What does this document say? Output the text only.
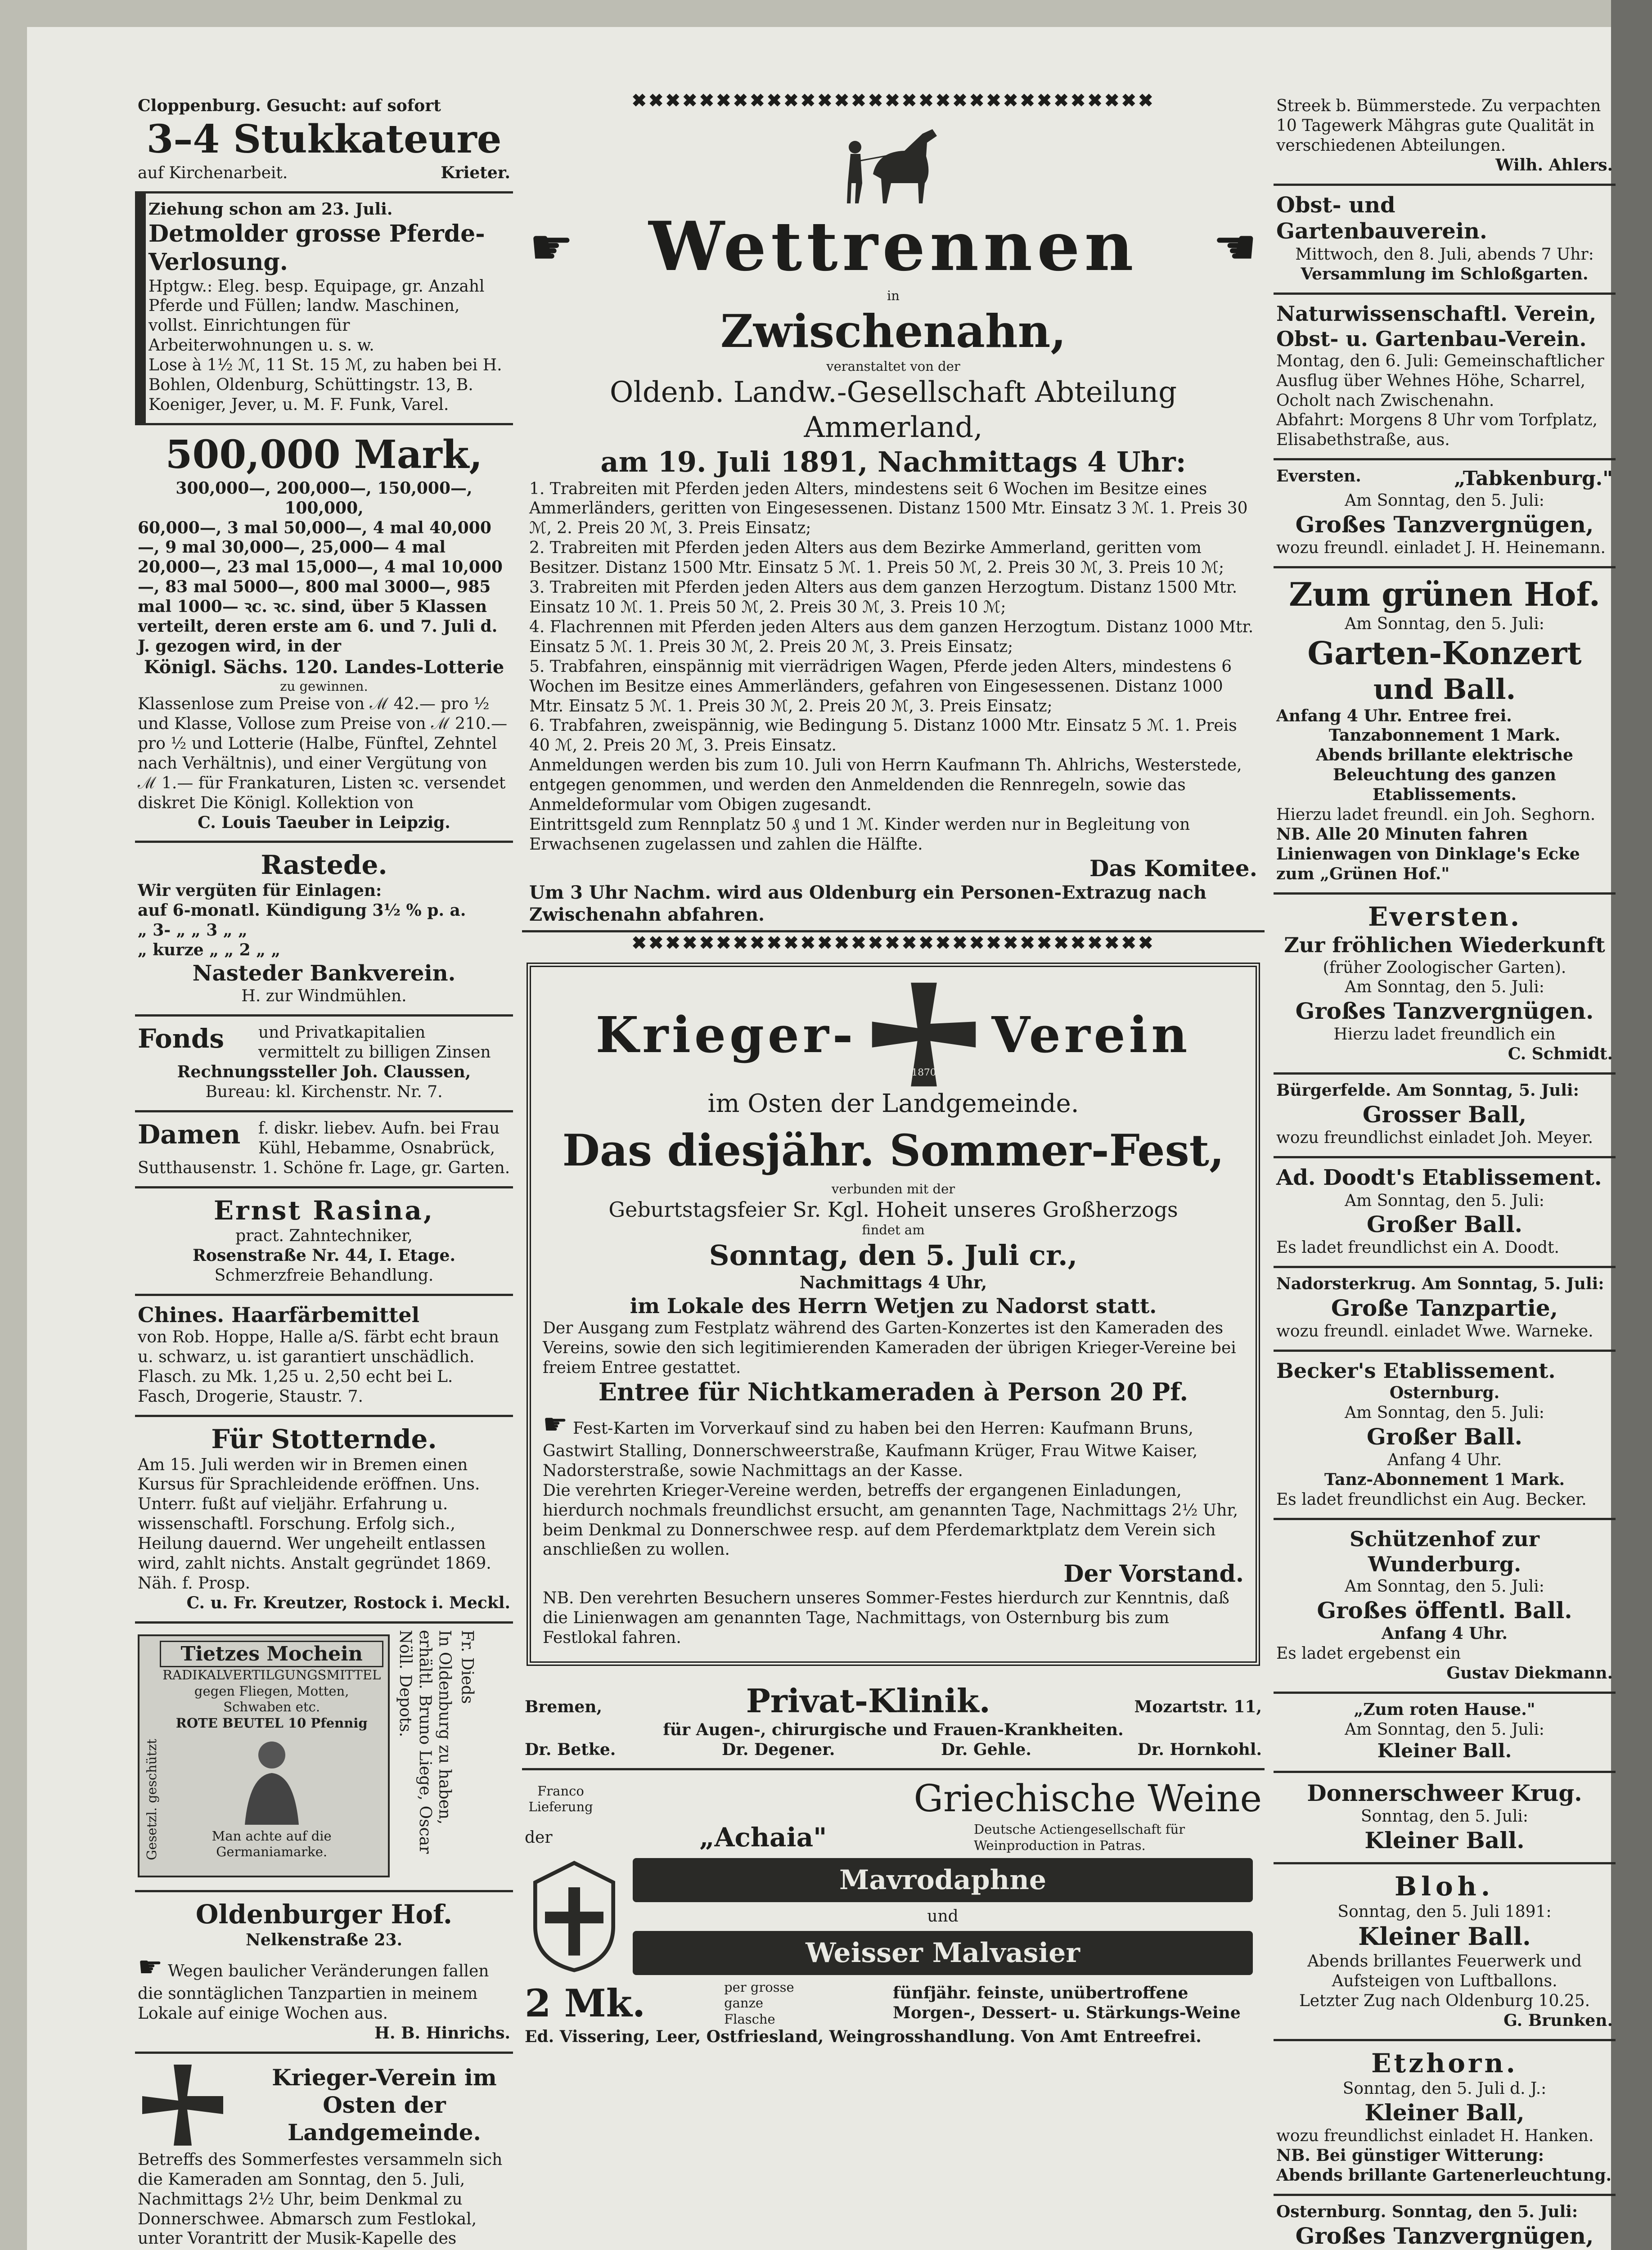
Cloppenburg. Gesucht: auf sofort

3–4 Stukkateure

auf Kirchenarbeit.	Krieter.

Ziehung schon am 23. Juli.

Detmolder grosse Pferde-Verlosung.

Hptgw.: Eleg. besp. Equipage, gr. Anzahl Pferde und Füllen; landw. Maschinen, vollst. Einrichtungen für Arbeiterwohnungen u. s. w.

Lose à 1½ ℳ, 11 St. 15 ℳ, zu haben bei H. Bohlen, Oldenburg, Schüttingstr. 13, B. Koeniger, Jever, u. M. F. Funk, Varel.

500,000 Mark,

300,000—, 200,000—, 150,000—, 100,000,

60,000—, 3 mal 50,000—, 4 mal 40,000—, 9 mal 30,000—, 25,000— 4 mal 20,000—, 23 mal 15,000—, 4 mal 10,000—, 83 mal 5000—, 800 mal 3000—, 985 mal 1000— ꝛc. ꝛc. sind, über 5 Klassen verteilt, deren erste am 6. und 7. Juli d. J. gezogen wird, in der

Königl. Sächs. 120. Landes-Lotterie

zu gewinnen.

Klassenlose zum Preise von ℳ 42.— pro ½ und Klasse, Vollose zum Preise von ℳ 210.— pro ½ und Lotterie (Halbe, Fünftel, Zehntel nach Verhältnis), und einer Vergütung von ℳ 1.— für Frankaturen, Listen ꝛc. versendet diskret Die Königl. Kollektion von

C. Louis Taeuber in Leipzig.

Rastede.

Wir vergüten für Einlagen:

auf 6-monatl. Kündigung 3½ % p. a.

„ 3- „ „ 3 „ „

„ kurze „ „ 2 „ „

Nasteder Bankverein.

H. zur Windmühlen.

Fonds und Privatkapitalien vermittelt zu billigen Zinsen

Rechnungssteller Joh. Claussen,

Bureau: kl. Kirchenstr. Nr. 7.

Damen f. diskr. liebev. Aufn. bei Frau Kühl, Hebamme, Osnabrück,

Sutthausenstr. 1. Schöne fr. Lage, gr. Garten.

Ernst Rasina,

pract. Zahntechniker,

Rosenstraße Nr. 44, I. Etage.

Schmerzfreie Behandlung.

Chines. Haarfärbemittel

von Rob. Hoppe, Halle a/S. färbt echt braun u. schwarz, u. ist garantiert unschädlich. Flasch. zu Mk. 1,25 u. 2,50 echt bei L. Fasch, Drogerie, Staustr. 7.

Für Stotternde.

Am 15. Juli werden wir in Bremen einen Kursus für Sprachleidende eröffnen. Uns. Unterr. fußt auf vieljähr. Erfahrung u. wissenschaftl. Forschung. Erfolg sich., Heilung dauernd. Wer ungeheilt entlassen wird, zahlt nichts. Anstalt gegründet 1869. Näh. f. Prosp.

C. u. Fr. Kreutzer, Rostock i. Meckl.

Gesetzl. geschützt

Tietzes Mochein

RADIKALVERTILGUNGSMITTEL

gegen Fliegen, Motten, Schwaben etc.

ROTE BEUTEL 10 Pfennig

Man achte auf die Germaniamarke.

In Oldenburg zu haben, erhältl. Bruno Liege, Oscar Nöll. Depots.	Fr. Dieds

Oldenburger Hof.

Nelkenstraße 23.

☛ Wegen baulicher Veränderungen fallen die sonntäglichen Tanzpartien in meinem Lokale auf einige Wochen aus.

H. B. Hinrichs.

Krieger-Verein im Osten der Landgemeinde.

Betreffs des Sommerfestes versammeln sich die Kameraden am Sonntag, den 5. Juli, Nachmittags 2½ Uhr, beim Denkmal zu Donnerschwee. Abmarsch zum Festlokal, unter Vorantritt der Musik-Kapelle des

✖✖✖✖✖✖✖✖✖✖✖✖✖✖✖✖✖✖✖✖✖✖✖✖✖✖✖✖✖✖✖
☛ Wettrennen ☛

in

Zwischenahn,

veranstaltet von der

Oldenb. Landw.-Gesellschaft Abteilung Ammerland,

am 19. Juli 1891, Nachmittags 4 Uhr:

1. Trabreiten mit Pferden jeden Alters, mindestens seit 6 Wochen im Besitze eines Ammerländers, geritten von Eingesessenen. Distanz 1500 Mtr. Einsatz 3 ℳ. 1. Preis 30 ℳ, 2. Preis 20 ℳ, 3. Preis Einsatz;

2. Trabreiten mit Pferden jeden Alters aus dem Bezirke Ammerland, geritten vom Besitzer. Distanz 1500 Mtr. Einsatz 5 ℳ. 1. Preis 50 ℳ, 2. Preis 30 ℳ, 3. Preis 10 ℳ;

3. Trabreiten mit Pferden jeden Alters aus dem ganzen Herzogtum. Distanz 1500 Mtr. Einsatz 10 ℳ. 1. Preis 50 ℳ, 2. Preis 30 ℳ, 3. Preis 10 ℳ;

4. Flachrennen mit Pferden jeden Alters aus dem ganzen Herzogtum. Distanz 1000 Mtr. Einsatz 5 ℳ. 1. Preis 30 ℳ, 2. Preis 20 ℳ, 3. Preis Einsatz;

5. Trabfahren, einspännig mit vierrädrigen Wagen, Pferde jeden Alters, mindestens 6 Wochen im Besitze eines Ammerländers, gefahren von Eingesessenen. Distanz 1000 Mtr. Einsatz 5 ℳ. 1. Preis 30 ℳ, 2. Preis 20 ℳ, 3. Preis Einsatz;

6. Trabfahren, zweispännig, wie Bedingung 5. Distanz 1000 Mtr. Einsatz 5 ℳ. 1. Preis 40 ℳ, 2. Preis 20 ℳ, 3. Preis Einsatz.

Anmeldungen werden bis zum 10. Juli von Herrn Kaufmann Th. Ahlrichs, Westerstede, entgegen genommen, und werden den Anmeldenden die Rennregeln, sowie das Anmeldeformular vom Obigen zugesandt.

Eintrittsgeld zum Rennplatz 50 ₰ und 1 ℳ. Kinder werden nur in Begleitung von Erwachsenen zugelassen und zahlen die Hälfte.

Das Komitee.

Um 3 Uhr Nachm. wird aus Oldenburg ein Personen-Extrazug nach Zwischenahn abfahren.

✖✖✖✖✖✖✖✖✖✖✖✖✖✖✖✖✖✖✖✖✖✖✖✖✖✖✖✖✖✖✖
Krieger-
1870
Verein

im Osten der Landgemeinde.

Das diesjähr. Sommer-Fest,

verbunden mit der

Geburtstagsfeier Sr. Kgl. Hoheit unseres Großherzogs

findet am

Sonntag, den 5. Juli cr.,

Nachmittags 4 Uhr,

im Lokale des Herrn Wetjen zu Nadorst statt.

Der Ausgang zum Festplatz während des Garten-Konzertes ist den Kameraden des Vereins, sowie den sich legitimierenden Kameraden der übrigen Krieger-Vereine bei freiem Entree gestattet.

Entree für Nichtkameraden à Person 20 Pf.

☛ Fest-Karten im Vorverkauf sind zu haben bei den Herren: Kaufmann Bruns, Gastwirt Stalling, Donnerschweerstraße, Kaufmann Krüger, Frau Witwe Kaiser, Nadorsterstraße, sowie Nachmittags an der Kasse.

Die verehrten Krieger-Vereine werden, betreffs der ergangenen Einladungen, hierdurch nochmals freundlichst ersucht, am genannten Tage, Nachmittags 2½ Uhr, beim Denkmal zu Donnerschwee resp. auf dem Pferdemarktplatz dem Verein sich anschließen zu wollen.

Der Vorstand.

NB. Den verehrten Besuchern unseres Sommer-Festes hierdurch zur Kenntnis, daß die Linienwagen am genannten Tage, Nachmittags, von Osternburg bis zum Festlokal fahren.

Bremen,	Privat-Klinik.	Mozartstr. 11,

für Augen-, chirurgische und Frauen-Krankheiten.

Dr. Betke.	Dr. Degener.	Dr. Gehle.	Dr. Hornkohl.
Franco Lieferung	Griechische Weine
der	„Achaia"	Deutsche Actiengesellschaft für Weinproduction in Patras.
Mavrodaphne

und

Weisser Malvasier
2 Mk.	per grosse ganze Flasche
fünfjähr. feinste, unübertroffene Morgen-, Dessert- u. Stärkungs-Weine

Ed. Vissering, Leer, Ostfriesland, Weingrosshandlung. Von Amt Entreefrei.

Streek b. Bümmerstede. Zu verpachten 10 Tagewerk Mähgras gute Qualität in verschiedenen Abteilungen.

Wilh. Ahlers.

Obst- und Gartenbauverein.

Mittwoch, den 8. Juli, abends 7 Uhr:

Versammlung im Schloßgarten.

Naturwissenschaftl. Verein, Obst- u. Gartenbau-Verein.

Montag, den 6. Juli: Gemeinschaftlicher Ausflug über Wehnes Höhe, Scharrel, Ocholt nach Zwischenahn.

Abfahrt: Morgens 8 Uhr vom Torfplatz, Elisabethstraße, aus.

Eversten.	„Tabkenburg."

Am Sonntag, den 5. Juli:

Großes Tanzvergnügen,

wozu freundl. einladet J. H. Heinemann.

Zum grünen Hof.

Am Sonntag, den 5. Juli:

Garten-Konzert

und Ball.

Anfang 4 Uhr. Entree frei.

Tanzabonnement 1 Mark.

Abends brillante elektrische Beleuchtung des ganzen Etablissements.

Hierzu ladet freundl. ein Joh. Seghorn.

NB. Alle 20 Minuten fahren Linienwagen von Dinklage's Ecke zum „Grünen Hof."

Eversten.

Zur fröhlichen Wiederkunft

(früher Zoologischer Garten).

Am Sonntag, den 5. Juli:

Großes Tanzvergnügen.

Hierzu ladet freundlich ein

C. Schmidt.

Bürgerfelde. Am Sonntag, 5. Juli:

Grosser Ball,

wozu freundlichst einladet Joh. Meyer.

Ad. Doodt's Etablissement.

Am Sonntag, den 5. Juli:

Großer Ball.

Es ladet freundlichst ein A. Doodt.

Nadorsterkrug. Am Sonntag, 5. Juli:

Große Tanzpartie,

wozu freundl. einladet Wwe. Warneke.

Becker's Etablissement.

Osternburg.

Am Sonntag, den 5. Juli:

Großer Ball.

Anfang 4 Uhr.

Tanz-Abonnement 1 Mark.

Es ladet freundlichst ein Aug. Becker.

Schützenhof zur Wunderburg.

Am Sonntag, den 5. Juli:

Großes öffentl. Ball.

Anfang 4 Uhr.

Es ladet ergebenst ein

Gustav Diekmann.

„Zum roten Hause."

Am Sonntag, den 5. Juli:

Kleiner Ball.

Donnerschweer Krug.

Sonntag, den 5. Juli:

Kleiner Ball.

Bloh.

Sonntag, den 5. Juli 1891:

Kleiner Ball.

Abends brillantes Feuerwerk und Aufsteigen von Luftballons.

Letzter Zug nach Oldenburg 10.25.

G. Brunken.

Etzhorn.

Sonntag, den 5. Juli d. J.:

Kleiner Ball,

wozu freundlichst einladet H. Hanken.

NB. Bei günstiger Witterung: Abends brillante Gartenerleuchtung.

Osternburg. Sonntag, den 5. Juli:

Großes Tanzvergnügen,
